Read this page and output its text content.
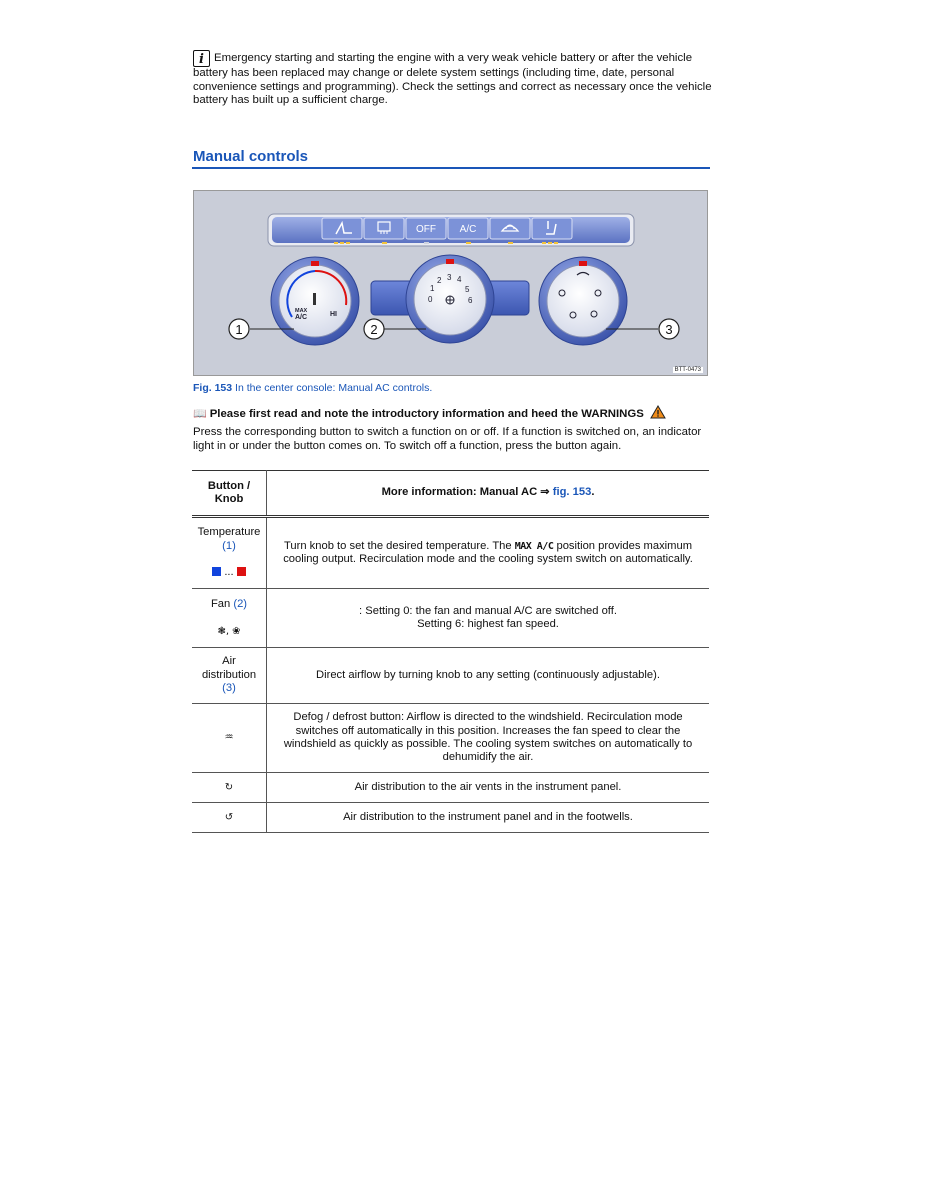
i Emergency starting and starting the engine with a very weak vehicle battery or after the vehicle battery has been replaced may change or delete system settings (including time, date, personal convenience settings and programming). Check the settings and correct as necessary once the vehicle battery has built up a sufficient charge.
Manual controls
OFF A/C
MAX
A/C	HI
0
1
2 3 4
5
6
1	2	3
BTT-0473
Fig. 153 In the center console: Manual AC controls.
📖 Please first read and note the introductory information and heed the WARNINGS
Press the corresponding button to switch a function on or off. If a function is switched on, an indicator light in or under the button comes on. To switch off a function, press the button again.
Button / Knob	More information: Manual AC ⇒ fig. 153.
Temperature
(1)

...	Turn knob to set the desired temperature. The MAX A/C position provides maximum cooling output. Recirculation mode and the cooling system switch on automatically.
Fan (2)

❃, ❀	: Setting 0: the fan and manual A/C are switched off.
Setting 6: highest fan speed.
Air distribution
(3)	Direct airflow by turning knob to any setting (continuously adjustable).
♒	Defog / defrost button: Airflow is directed to the windshield. Recirculation mode switches off automatically in this position. Increases the fan speed to clear the windshield as quickly as possible. The cooling system switches on automatically to dehumidify the air.
↻	Air distribution to the air vents in the instrument panel.
↺	Air distribution to the instrument panel and in the footwells.
